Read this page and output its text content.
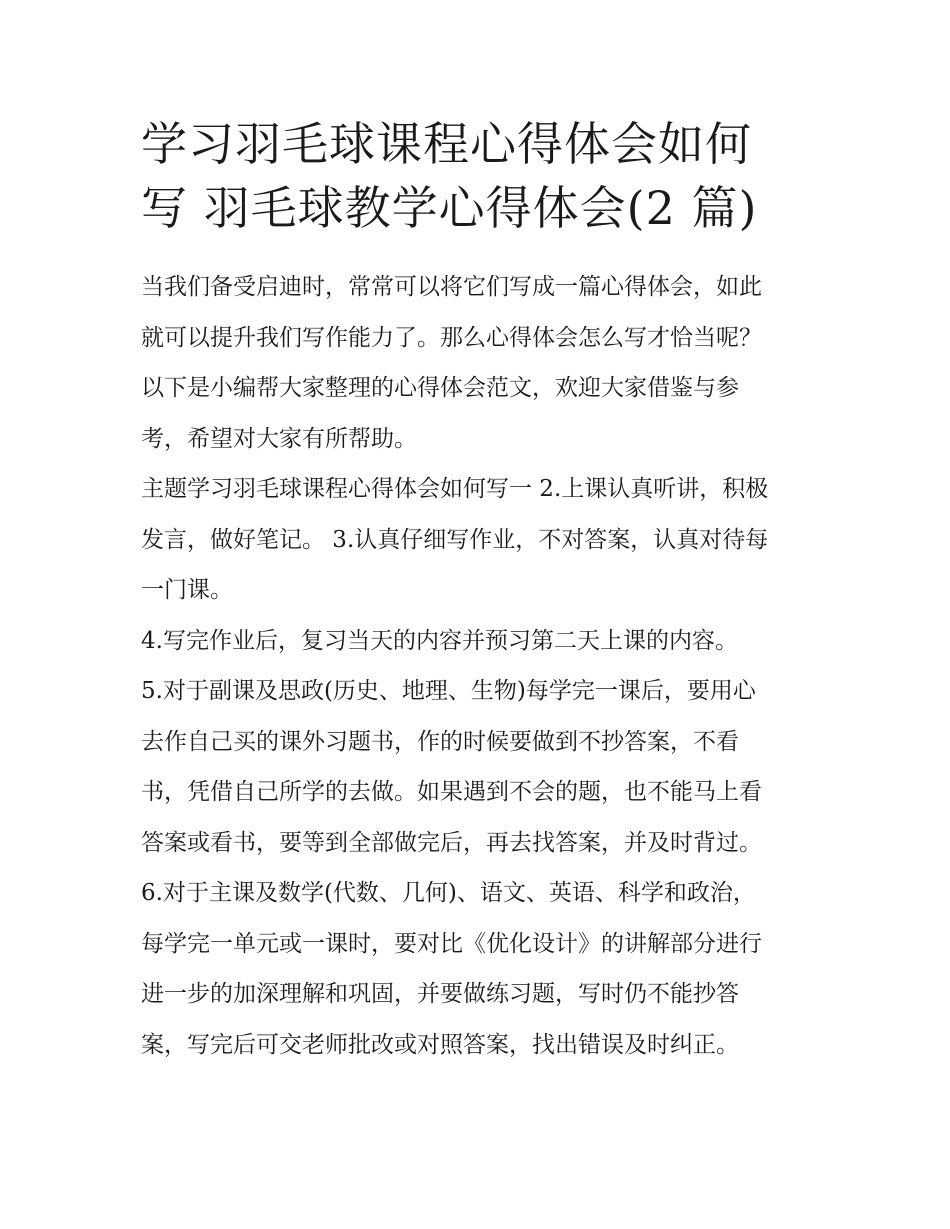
学习羽毛球课程心得体会如何
写 羽毛球教学心得体会(2 篇)

当我们备受启迪时，常常可以将它们写成一篇心得体会，如此
就可以提升我们写作能力了。那么心得体会怎么写才恰当呢？
以下是小编帮大家整理的心得体会范文，欢迎大家借鉴与参
考，希望对大家有所帮助。

主题学习羽毛球课程心得体会如何写一 2.上课认真听讲，积极
发言，做好笔记。 3.认真仔细写作业，不对答案，认真对待每
一门课。

4.写完作业后，复习当天的内容并预习第二天上课的内容。

5.对于副课及思政(历史、地理、生物)每学完一课后，要用心
去作自己买的课外习题书，作的时候要做到不抄答案，不看
书，凭借自己所学的去做。如果遇到不会的题，也不能马上看
答案或看书，要等到全部做完后，再去找答案，并及时背过。

6.对于主课及数学(代数、几何)、语文、英语、科学和政治，
每学完一单元或一课时，要对比《优化设计》的讲解部分进行
进一步的加深理解和巩固，并要做练习题，写时仍不能抄答
案，写完后可交老师批改或对照答案，找出错误及时纠正。
